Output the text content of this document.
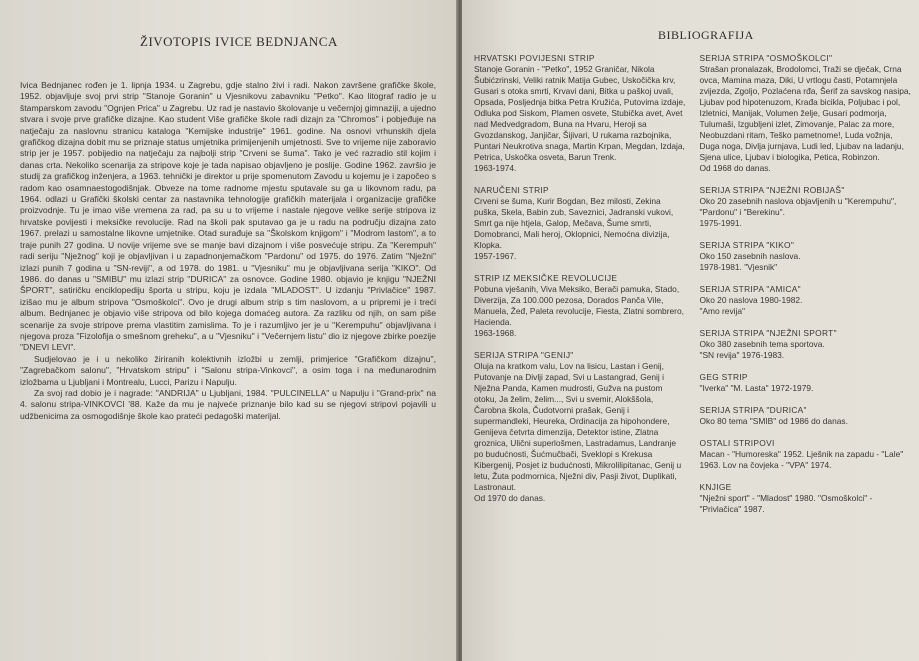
ŽIVOTOPIS IVICE BEDNJANCA

Ivica Bednjanec rođen je 1. lipnja 1934. u Zagrebu, gdje stalno živi i radi. Nakon završene grafičke škole, 1952. objavljuje svoj prvi strip "Stanoje Goranin" u Vjesnikovu zabavniku "Petko". Kao litograf radio je u štamparskom zavodu "Ognjen Prica" u Zagrebu. Uz rad je nastavio školovanje u večernjoj gimnaziji, a ujedno stvara i svoje prve grafičke dizajne. Kao student Više grafičke škole radi dizajn za "Chromos" i pobjeđuje na natječaju za naslovnu stranicu kataloga "Kemijske industrije" 1961. godine. Na osnovi vrhunskih djela grafičkog dizajna dobit mu se priznaje status umjetnika primijenjenih umjetnosti. Sve to vrijeme nije zaboravio strip jer je 1957. pobijedio na natječaju za najbolji strip "Crveni se šuma". Tako je već razradio stil kojim i danas crta. Nekoliko scenarija za stripove koje je tada napisao objavljeno je poslije. Godine 1962. završio je studij za grafičkog inženjera, a 1963. tehnički je direktor u prije spomenutom Zavodu u kojemu je i započeo s radom kao osamnaestogodišnjak. Obveze na tome radnome mjestu sputavale su ga u likovnom radu, pa 1964. odlazi u Grafički školski centar za nastavnika tehnologije grafičkih materijala i organizacije grafičke proizvodnje. Tu je imao više vremena za rad, pa su u to vrijeme i nastale njegove velike serije stripova iz hrvatske povijesti i meksičke revolucije. Rad na školi pak sputavao ga je u radu na području dizajna zato 1967. prelazi u samostalne likovne umjetnike. Otad surađuje sa "Školskom knjigom" i "Modrom lastom", a to traje punih 27 godina. U novije vrijeme sve se manje bavi dizajnom i više posvećuje stripu. Za "Kerempuh" radi seriju "Nježnog" koji je objavljivan i u zapadnonjemačkom "Pardonu" od 1975. do 1976. Zatim "Nježni" izlazi punih 7 godina u "SN-reviji", a od 1978. do 1981. u "Vjesniku" mu je objavljivana serija "KIKO". Od 1986. do danas u "SMIBU" mu izlazi strip "DURICA" za osnovce. Godine 1980. objavio je knjigu "NJEŽNI ŠPORT", satiričku enciklopediju športa u stripu, koju je izdala "MLADOST". U izdanju "Privlačice" 1987. izišao mu je album stripova "Osmoškolci". Ovo je drugi album strip s tim naslovom, a u pripremi je i treći album. Bednjanec je objavio više stripova od bilo kojega domaćeg autora. Za razliku od njih, on sam piše scenarije za svoje stripove prema vlastitim zamislima. To je i razumljivo jer je u "Kerempuhu" objavljivana i njegova proza "Fizolofija o smešnom greheku", a u "Vjesniku" i "Večernjem listu" dio iz njegove zbirke poezije "DNEVI LEVI".

Sudjelovao je i u nekoliko žiriranih kolektivnih izložbi u zemlji, primjerice "Grafičkom dizajnu", "Zagrebačkom salonu", "Hrvatskom stripu" i "Salonu stripa-Vinkovci", a osim toga i na međunarodnim izložbama u Ljubljani i Montrealu, Lucci, Parizu i Napulju.

Za svoj rad dobio je i nagrade: "ANDRIJA" u Ljubljani, 1984. "PULCINELLA" u Napulju i "Grand-prix" na 4. salonu stripa-VINKOVCI '88. Kaže da mu je najveće priznanje bilo kad su se njegovi stripovi pojavili u udžbenicima za osmogodišnje škole kao prateći pedagoški materijal.

BIBLIOGRAFIJA
HRVATSKI POVIJESNI STRIP
Stanoje Goranin - "Petko", 1952 Graničar, Nikola Šubićzrinski, Veliki ratnik Matija Gubec, Uskočička krv, Gusari s otoka smrti, Krvavi dani, Bitka u paškoj uvali, Opsada, Posljednja bitka Petra Kružića, Putovima izdaje, Odluka pod Siskom, Plamen osvete, Stubička avet, Avet nad Medvedgradom, Buna na Hvaru, Heroji sa Gvozdanskog, Janjičar, Šijivari, U rukama razbojnika, Puntari Neukrotiva snaga, Martin Krpan, Megdan, Izdaja, Petrica, Uskočka osveta, Barun Trenk.
1963-1974.
NARUČENI STRIP
Crveni se šuma, Kurir Bogdan, Bez milosti, Zekina puška, Skela, Babin zub, Saveznici, Jadranski vukovi, Smrt ga nije htjela, Galop, Mečava, Šume smrti, Domobranci, Mali heroj, Oklopnici, Nemoćna divizija, Klopka.
1957-1967.
STRIP IZ MEKSIČKE REVOLUCIJE
Pobuna vješanih, Viva Meksiko, Berači pamuka, Stado, Diverzija, Za 100.000 pezosa, Dorados Panča Vile, Manuela, Žeđ, Paleta revolucije, Fiesta, Zlatni sombrero, Hacienda.
1963-1968.
SERIJA STRIPA "GENIJ"
Oluja na kratkom valu, Lov na lisicu, Lastan i Genij, Putovanje na Divlji zapad, Svi u Lastangrad, Genij i Nježna Panda, Kamen mudrosti, Gužva na pustom otoku, Ja želim, želim..., Svi u svemir, Alokššola, Čarobna škola, Čudotvorni prašak, Genij i supermandleki, Heureka, Ordinacija za hipohondere, Genijeva četvrta dimenzija, Detektor istine, Zlatna groznica, Ulični superlošmen, Lastradamus, Landranje po budućnosti, Šućmučbači, Sveklopi s Krekusa Kibergenij, Posjet iz budućnosti, Mikrolilipitanac, Genij u letu, Žuta podmornica, Nježni div, Pasji život, Duplikati, Lastronaut.
Od 1970 do danas.
SERIJA STRIPA "OSMOŠKOLCI"
Strašan pronalazak, Brodolomci, Traži se dječak, Crna ovca, Mamina maza, Diki, U vrtlogu časti, Potamnjela zvijezda, Zgoljo, Pozlaćena rđa, Šerif za savskog nasipa, Ljubav pod hipotenuzom, Krađa bicikla, Poljubac i pol, Izletnici, Manijak, Volumen želje, Gusari podmorja, Tulumaši, Izgubljeni izlet, Zimovanje, Palac za more, Neobuzdani ritam, Teško pametnome!, Luda vožnja, Duga noga, Divlja jurnjava, Ludi led, Ljubav na ladanju, Sjena ulice, Ljubav i biologika, Petica, Robinzon.
Od 1968 do danas.
SERIJA STRIPA "NJEŽNI ROBIJAŠ"
Oko 20 zasebnih naslova objavljenih u "Kerempuhu", "Pardonu" i "Berekinu".
1975-1991.
SERIJA STRIPA "KIKO"
Oko 150 zasebnih naslova.
1978-1981. "Vjesnik"
SERIJA STRIPA "AMICA"
Oko 20 naslova 1980-1982.
"Amo revija"
SERIJA STRIPA "NJEŽNI SPORT"
Oko 380 zasebnih tema sportova.
"SN revija" 1976-1983.
GEG STRIP
"Iverka" "M. Lasta" 1972-1979.
SERIJA STRIPA "DURICA"
Oko 80 tema "SMIB" od 1986 do danas.
OSTALI STRIPOVI
Macan - "Humoreska" 1952. Lješnik na zapadu - "Lale" 1963. Lov na čovjeka - "VPA" 1974.
KNJIGE
"Nježni sport" - "Mladost" 1980. "Osmoškolci" - "Privlačica" 1987.
